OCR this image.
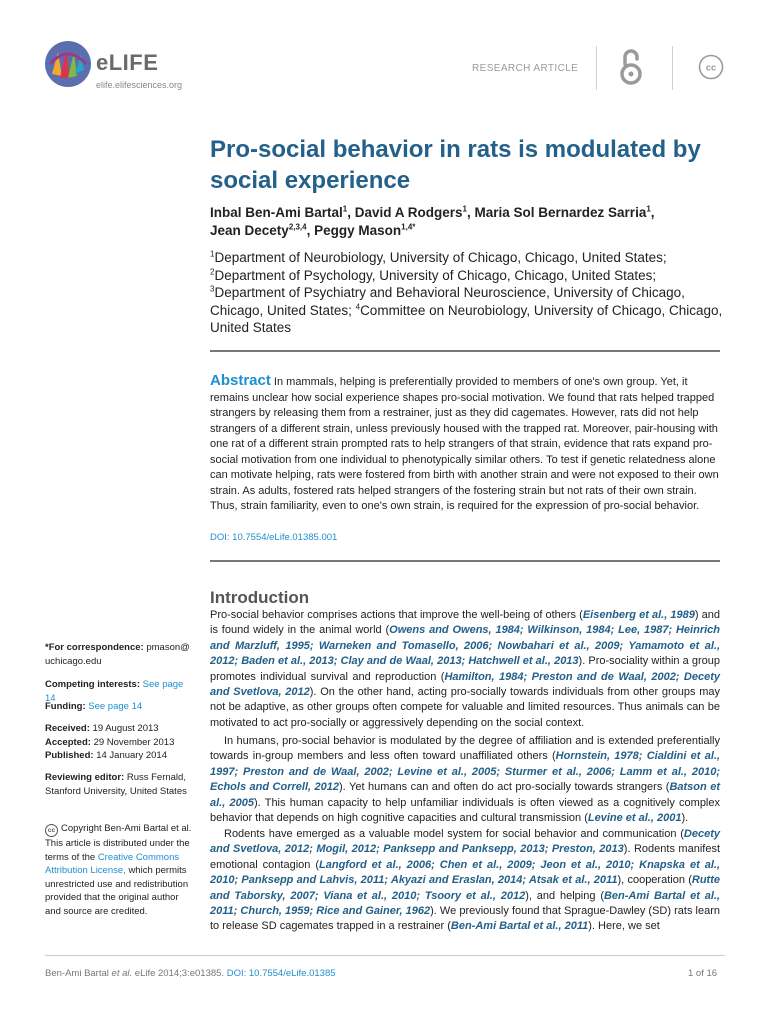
eLIFE
elife.elifesciences.org
RESEARCH ARTICLE	cc
Pro-social behavior in rats is modulated by social experience
Inbal Ben-Ami Bartal$^1$, David A Rodgers$^1$, Maria Sol Bernardez Sarria$^1$,
Jean Decety$^{2,3,4}$, Peggy Mason$^{1,4*}$
$^1$Department of Neurobiology, University of Chicago, Chicago, United States;
$^2$Department of Psychology, University of Chicago, Chicago, United States;
$^3$Department of Psychiatry and Behavioral Neuroscience, University of Chicago, Chicago, United States; $^4$Committee on Neurobiology, University of Chicago, Chicago, United States
Abstract In mammals, helping is preferentially provided to members of one's own group. Yet, it remains unclear how social experience shapes pro-social motivation. We found that rats helped trapped strangers by releasing them from a restrainer, just as they did cagemates. However, rats did not help strangers of a different strain, unless previously housed with the trapped rat. Moreover, pair-housing with one rat of a different strain prompted rats to help strangers of that strain, evidence that rats expand pro-social motivation from one individual to phenotypically similar others. To test if genetic relatedness alone can motivate helping, rats were fostered from birth with another strain and were not exposed to their own strain. As adults, fostered rats helped strangers of the fostering strain but not rats of their own strain. Thus, strain familiarity, even to one's own strain, is required for the expression of pro-social behavior.
DOI: 10.7554/eLife.01385.001
*For correspondence: pmason@ uchicago.edu
Competing interests: See page 14
Funding: See page 14
Received: 19 August 2013
Accepted: 29 November 2013
Published: 14 January 2014
Reviewing editor: Russ Fernald, Stanford University, United States
cc Copyright Ben-Ami Bartal et al. This article is distributed under the terms of the Creative Commons Attribution License, which permits unrestricted use and redistribution provided that the original author and source are credited.
Introduction
Pro-social behavior comprises actions that improve the well-being of others (Eisenberg et al., 1989) and is found widely in the animal world (Owens and Owens, 1984; Wilkinson, 1984; Lee, 1987; Heinrich and Marzluff, 1995; Warneken and Tomasello, 2006; Nowbahari et al., 2009; Yamamoto et al., 2012; Baden et al., 2013; Clay and de Waal, 2013; Hatchwell et al., 2013). Pro-sociality within a group promotes individual survival and reproduction (Hamilton, 1984; Preston and de Waal, 2002; Decety and Svetlova, 2012). On the other hand, acting pro-socially towards individuals from other groups may not be adaptive, as other groups often compete for valuable and limited resources. Thus animals can be motivated to act pro-socially or aggressively depending on the social context.
In humans, pro-social behavior is modulated by the degree of affiliation and is extended preferentially towards in-group members and less often toward unaffiliated others (Hornstein, 1978; Cialdini et al., 1997; Preston and de Waal, 2002; Levine et al., 2005; Sturmer et al., 2006; Lamm et al., 2010; Echols and Correll, 2012). Yet humans can and often do act pro-socially towards strangers (Batson et al., 2005). This human capacity to help unfamiliar individuals is often viewed as a cognitively complex behavior that depends on high cognitive capacities and cultural transmission (Levine et al., 2001).
Rodents have emerged as a valuable model system for social behavior and communication (Decety and Svetlova, 2012; Mogil, 2012; Panksepp and Panksepp, 2013; Preston, 2013). Rodents manifest emotional contagion (Langford et al., 2006; Chen et al., 2009; Jeon et al., 2010; Knapska et al., 2010; Panksepp and Lahvis, 2011; Akyazi and Eraslan, 2014; Atsak et al., 2011), cooperation (Rutte and Taborsky, 2007; Viana et al., 2010; Tsoory et al., 2012), and helping (Ben-Ami Bartal et al., 2011; Church, 1959; Rice and Gainer, 1962). We previously found that Sprague-Dawley (SD) rats learn to release SD cagemates trapped in a restrainer (Ben-Ami Bartal et al., 2011). Here, we set
Ben-Ami Bartal et al. eLife 2014;3:e01385. DOI: 10.7554/eLife.01385	1 of 16
